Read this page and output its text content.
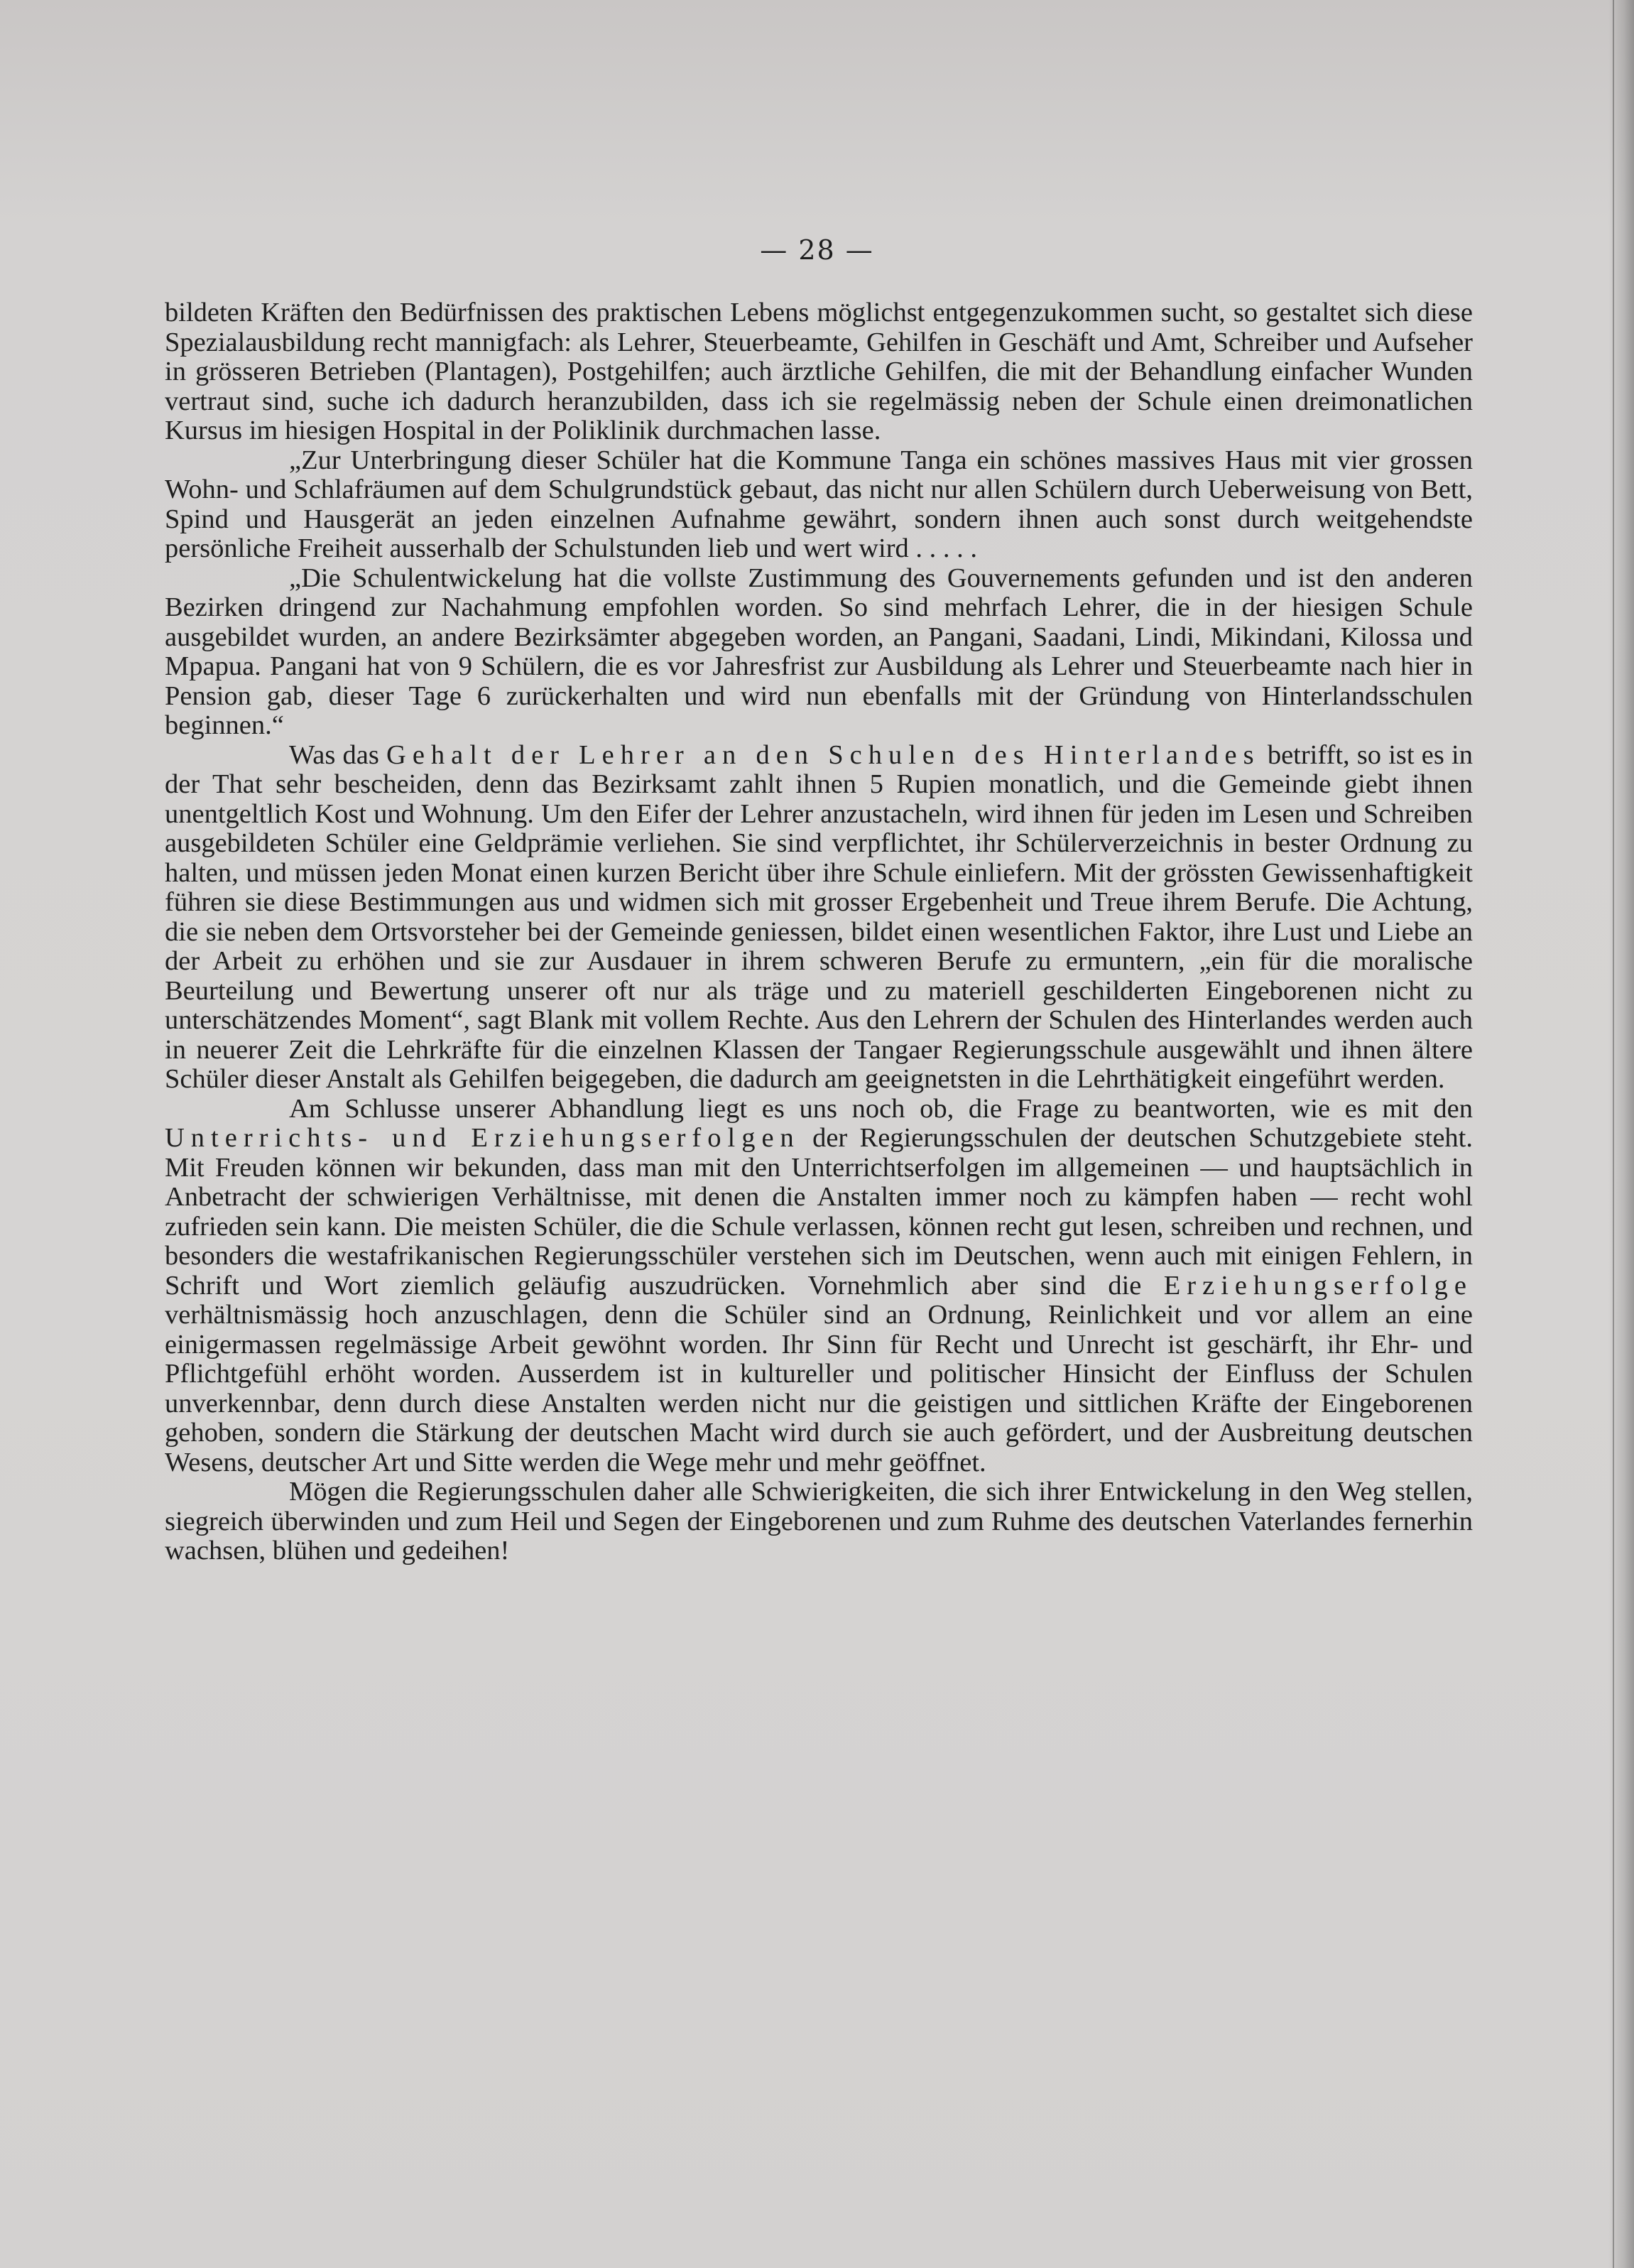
— 28 —

bildeten Kräften den Bedürfnissen des praktischen Lebens möglichst entgegenzukommen sucht, so gestaltet sich diese Spezialausbildung recht mannigfach: als Lehrer, Steuerbeamte, Gehilfen in Geschäft und Amt, Schreiber und Aufseher in grösseren Betrieben (Plantagen), Postgehilfen; auch ärztliche Gehilfen, die mit der Behandlung einfacher Wunden vertraut sind, suche ich dadurch heranzubilden, dass ich sie regelmässig neben der Schule einen dreimonatlichen Kursus im hiesigen Hospital in der Poliklinik durchmachen lasse.

„Zur Unterbringung dieser Schüler hat die Kommune Tanga ein schönes massives Haus mit vier grossen Wohn- und Schlafräumen auf dem Schulgrundstück gebaut, das nicht nur allen Schülern durch Ueberweisung von Bett, Spind und Hausgerät an jeden einzelnen Aufnahme gewährt, sondern ihnen auch sonst durch weitgehendste persönliche Freiheit ausserhalb der Schulstunden lieb und wert wird . . . . .

„Die Schulentwickelung hat die vollste Zustimmung des Gouvernements gefunden und ist den anderen Bezirken dringend zur Nachahmung empfohlen worden. So sind mehrfach Lehrer, die in der hiesigen Schule ausgebildet wurden, an andere Bezirksämter abgegeben worden, an Pangani, Saadani, Lindi, Mikindani, Kilossa und Mpapua. Pangani hat von 9 Schülern, die es vor Jahresfrist zur Ausbildung als Lehrer und Steuerbeamte nach hier in Pension gab, dieser Tage 6 zurückerhalten und wird nun ebenfalls mit der Gründung von Hinterlandsschulen beginnen.“

Was das Gehalt der Lehrer an den Schulen des Hinterlandes betrifft, so ist es in der That sehr bescheiden, denn das Bezirksamt zahlt ihnen 5 Rupien monatlich, und die Gemeinde giebt ihnen unentgeltlich Kost und Wohnung. Um den Eifer der Lehrer anzustacheln, wird ihnen für jeden im Lesen und Schreiben ausgebildeten Schüler eine Geldprämie verliehen. Sie sind verpflichtet, ihr Schülerverzeichnis in bester Ordnung zu halten, und müssen jeden Monat einen kurzen Bericht über ihre Schule einliefern. Mit der grössten Gewissenhaftigkeit führen sie diese Bestimmungen aus und widmen sich mit grosser Ergebenheit und Treue ihrem Berufe. Die Achtung, die sie neben dem Ortsvorsteher bei der Gemeinde geniessen, bildet einen wesentlichen Faktor, ihre Lust und Liebe an der Arbeit zu erhöhen und sie zur Ausdauer in ihrem schweren Berufe zu ermuntern, „ein für die moralische Beurteilung und Bewertung unserer oft nur als träge und zu materiell geschilderten Eingeborenen nicht zu unterschätzendes Moment“, sagt Blank mit vollem Rechte. Aus den Lehrern der Schulen des Hinterlandes werden auch in neuerer Zeit die Lehrkräfte für die einzelnen Klassen der Tangaer Regierungsschule ausgewählt und ihnen ältere Schüler dieser Anstalt als Gehilfen beigegeben, die dadurch am geeignetsten in die Lehrthätigkeit eingeführt werden.

Am Schlusse unserer Abhandlung liegt es uns noch ob, die Frage zu beantworten, wie es mit den Unterrichts- und Erziehungserfolgen der Regierungsschulen der deutschen Schutzgebiete steht. Mit Freuden können wir bekunden, dass man mit den Unterrichtserfolgen im allgemeinen — und hauptsächlich in Anbetracht der schwierigen Verhältnisse, mit denen die Anstalten immer noch zu kämpfen haben — recht wohl zufrieden sein kann. Die meisten Schüler, die die Schule verlassen, können recht gut lesen, schreiben und rechnen, und besonders die westafrikanischen Regierungsschüler verstehen sich im Deutschen, wenn auch mit einigen Fehlern, in Schrift und Wort ziemlich geläufig auszudrücken. Vornehmlich aber sind die Erziehungserfolge verhältnismässig hoch anzuschlagen, denn die Schüler sind an Ordnung, Reinlichkeit und vor allem an eine einigermassen regelmässige Arbeit gewöhnt worden. Ihr Sinn für Recht und Unrecht ist geschärft, ihr Ehr- und Pflichtgefühl erhöht worden. Ausserdem ist in kultureller und politischer Hinsicht der Einfluss der Schulen unverkennbar, denn durch diese Anstalten werden nicht nur die geistigen und sittlichen Kräfte der Eingeborenen gehoben, sondern die Stärkung der deutschen Macht wird durch sie auch gefördert, und der Ausbreitung deutschen Wesens, deutscher Art und Sitte werden die Wege mehr und mehr geöffnet.

Mögen die Regierungsschulen daher alle Schwierigkeiten, die sich ihrer Entwickelung in den Weg stellen, siegreich überwinden und zum Heil und Segen der Eingeborenen und zum Ruhme des deutschen Vaterlandes fernerhin wachsen, blühen und gedeihen!
